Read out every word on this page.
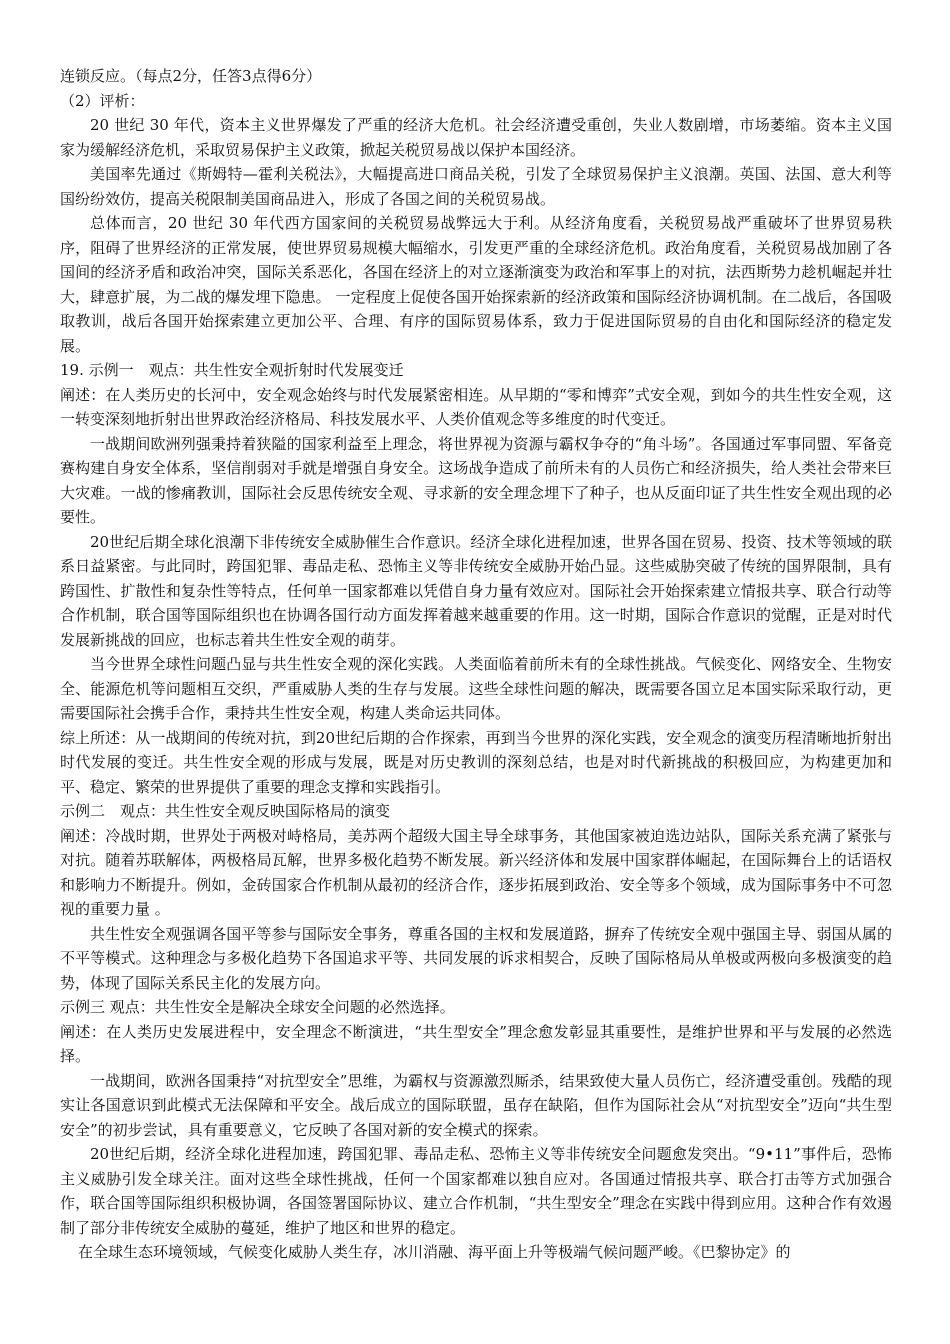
连锁反应。（每点2分，任答3点得6分）

（2）评析：

20 世纪 30 年代，资本主义世界爆发了严重的经济大危机。社会经济遭受重创，失业人数剧增，市场萎缩。资本主义国家为缓解经济危机，采取贸易保护主义政策，掀起关税贸易战以保护本国经济。

美国率先通过《斯姆特—霍利关税法》，大幅提高进口商品关税，引发了全球贸易保护主义浪潮。英国、法国、意大利等国纷纷效仿，提高关税限制美国商品进入，形成了各国之间的关税贸易战。

总体而言，20 世纪 30 年代西方国家间的关税贸易战弊远大于利。从经济角度看，关税贸易战严重破坏了世界贸易秩序，阻碍了世界经济的正常发展，使世界贸易规模大幅缩水，引发更严重的全球经济危机。政治角度看，关税贸易战加剧了各国间的经济矛盾和政治冲突，国际关系恶化，各国在经济上的对立逐渐演变为政治和军事上的对抗，法西斯势力趁机崛起并壮大，肆意扩展，为二战的爆发埋下隐患。 一定程度上促使各国开始探索新的经济政策和国际经济协调机制。在二战后，各国吸取教训，战后各国开始探索建立更加公平、合理、有序的国际贸易体系，致力于促进国际贸易的自由化和国际经济的稳定发展。

19. 示例一　观点：共生性安全观折射时代发展变迁

阐述：在人类历史的长河中，安全观念始终与时代发展紧密相连。从早期的“零和博弈”式安全观，到如今的共生性安全观，这一转变深刻地折射出世界政治经济格局、科技发展水平、人类价值观念等多维度的时代变迁。

一战期间欧洲列强秉持着狭隘的国家利益至上理念，将世界视为资源与霸权争夺的“角斗场”。各国通过军事同盟、军备竞赛构建自身安全体系，坚信削弱对手就是增强自身安全。这场战争造成了前所未有的人员伤亡和经济损失，给人类社会带来巨大灾难。一战的惨痛教训，国际社会反思传统安全观、寻求新的安全理念埋下了种子，也从反面印证了共生性安全观出现的必要性。

20世纪后期全球化浪潮下非传统安全威胁催生合作意识。经济全球化进程加速，世界各国在贸易、投资、技术等领域的联系日益紧密。与此同时，跨国犯罪、毒品走私、恐怖主义等非传统安全威胁开始凸显。这些威胁突破了传统的国界限制，具有跨国性、扩散性和复杂性等特点，任何单一国家都难以凭借自身力量有效应对。国际社会开始探索建立情报共享、联合行动等合作机制，联合国等国际组织也在协调各国行动方面发挥着越来越重要的作用。这一时期，国际合作意识的觉醒，正是对时代发展新挑战的回应，也标志着共生性安全观的萌芽。

当今世界全球性问题凸显与共生性安全观的深化实践。人类面临着前所未有的全球性挑战。气候变化、网络安全、生物安全、能源危机等问题相互交织，严重威胁人类的生存与发展。这些全球性问题的解决，既需要各国立足本国实际采取行动，更需要国际社会携手合作，秉持共生性安全观，构建人类命运共同体。

综上所述：从一战期间的传统对抗，到20世纪后期的合作探索，再到当今世界的深化实践，安全观念的演变历程清晰地折射出时代发展的变迁。共生性安全观的形成与发展，既是对历史教训的深刻总结，也是对时代新挑战的积极回应，为构建更加和平、稳定、繁荣的世界提供了重要的理念支撑和实践指引。

示例二　观点：共生性安全观反映国际格局的演变

阐述：冷战时期，世界处于两极对峙格局，美苏两个超级大国主导全球事务，其他国家被迫选边站队，国际关系充满了紧张与对抗。随着苏联解体，两极格局瓦解，世界多极化趋势不断发展。新兴经济体和发展中国家群体崛起，在国际舞台上的话语权和影响力不断提升。例如，金砖国家合作机制从最初的经济合作，逐步拓展到政治、安全等多个领域，成为国际事务中不可忽视的重要力量 。

共生性安全观强调各国平等参与国际安全事务，尊重各国的主权和发展道路，摒弃了传统安全观中强国主导、弱国从属的不平等模式。这种理念与多极化趋势下各国追求平等、共同发展的诉求相契合，反映了国际格局从单极或两极向多极演变的趋势，体现了国际关系民主化的发展方向。

示例三 观点：共生性安全是解决全球安全问题的必然选择。

阐述：在人类历史发展进程中，安全理念不断演进，“共生型安全”理念愈发彰显其重要性，是维护世界和平与发展的必然选择。

一战期间，欧洲各国秉持“对抗型安全”思维，为霸权与资源激烈厮杀，结果致使大量人员伤亡，经济遭受重创。残酷的现实让各国意识到此模式无法保障和平安全。战后成立的国际联盟，虽存在缺陷，但作为国际社会从“对抗型安全”迈向“共生型安全”的初步尝试，具有重要意义，它反映了各国对新的安全模式的探索。

20世纪后期，经济全球化进程加速，跨国犯罪、毒品走私、恐怖主义等非传统安全问题愈发突出。“9•11”事件后，恐怖主义威胁引发全球关注。面对这些全球性挑战，任何一个国家都难以独自应对。各国通过情报共享、联合打击等方式加强合作，联合国等国际组织积极协调，各国签署国际协议、建立合作机制，“共生型安全”理念在实践中得到应用。这种合作有效遏制了部分非传统安全威胁的蔓延，维护了地区和世界的稳定。

在全球生态环境领域，气候变化威胁人类生存，冰川消融、海平面上升等极端气候问题严峻。《巴黎协定》的
